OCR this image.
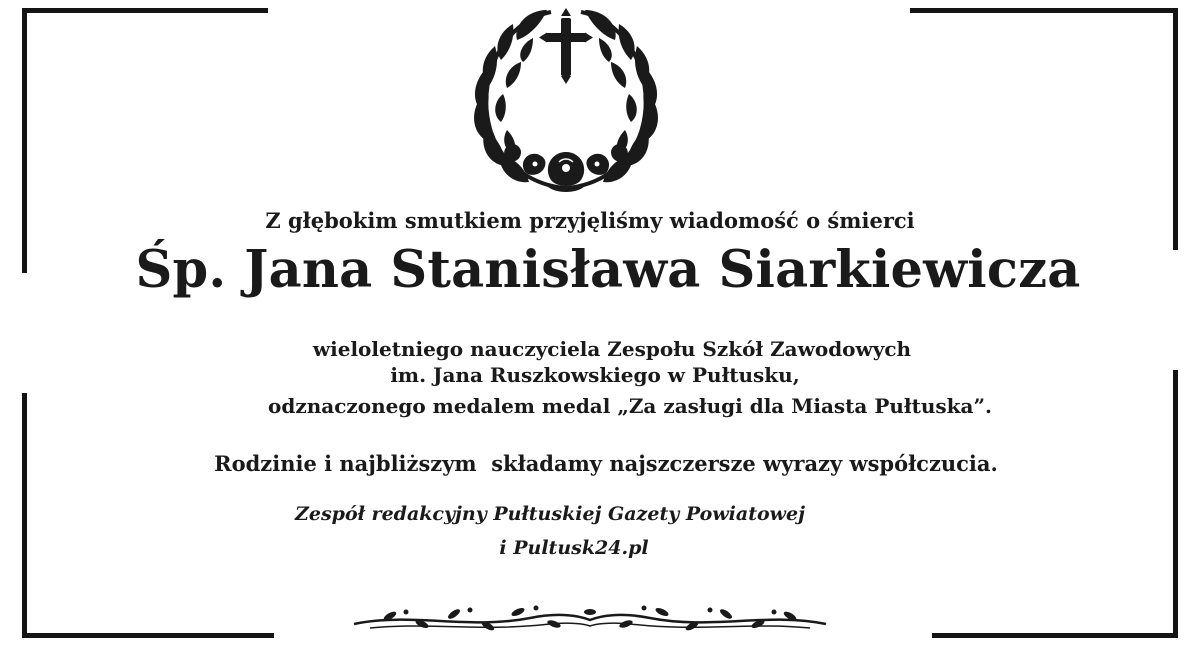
Z głębokim smutkiem przyjęliśmy wiadomość o śmierci
Śp. Jana Stanisława Siarkiewicza
wieloletniego nauczyciela Zespołu Szkół Zawodowych
im. Jana Ruszkowskiego w Pułtusku,
odznaczonego medalem medal „Za zasługi dla Miasta Pułtuska”.
Rodzinie i najbliższym  składamy najszczersze wyrazy współczucia.
Zespół redakcyjny Pułtuskiej Gazety Powiatowej
i Pultusk24.pl
